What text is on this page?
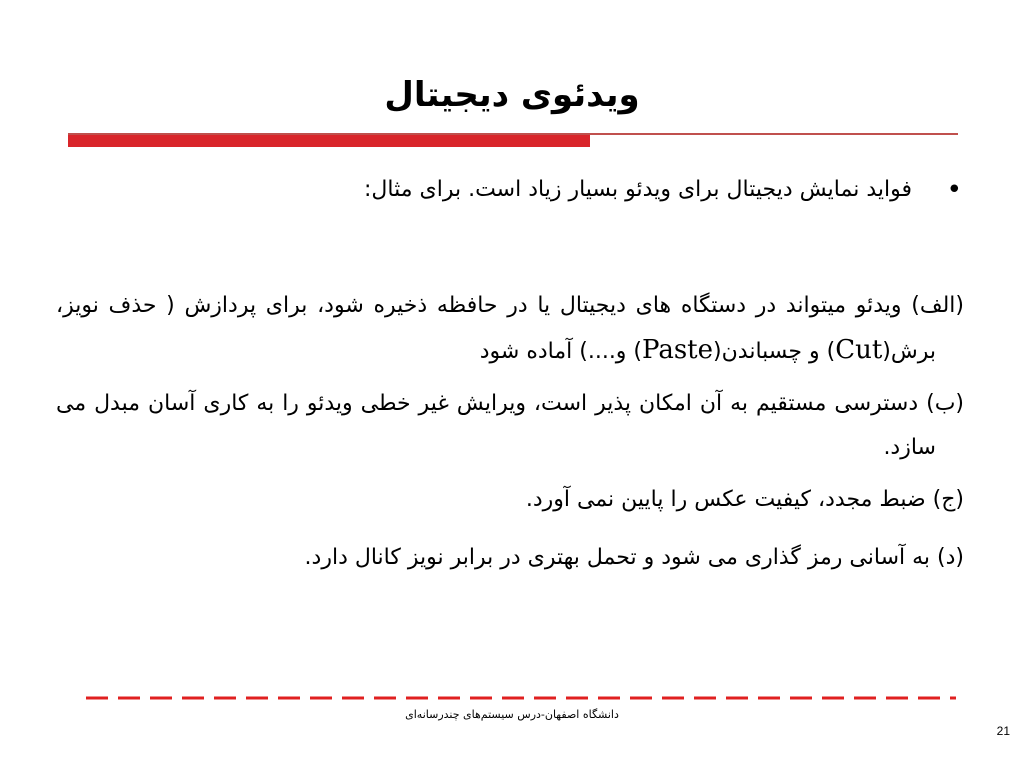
ویدئوی دیجیتال
•
فواید نمایش دیجیتال برای ویدئو بسیار زیاد است. برای مثال:

(الف) ویدئو میتواند در دستگاه های دیجیتال یا در حافظه ذخیره شود، برای پردازش ( حذف نویز، برش(Cut) و چسباندن(Paste) و....) آماده شود

(ب) دسترسی مستقیم به آن امکان پذیر است، ویرایش غیر خطی ویدئو را به کاری آسان مبدل می سازد.

(ج) ضبط مجدد، کیفیت عکس را پایین نمی آورد.

(د) به آسانی رمز گذاری می شود و تحمل بهتری در برابر نویز کانال دارد.

دانشگاه اصفهان-درس سیستم‌های چندرسانه‌ای
21
